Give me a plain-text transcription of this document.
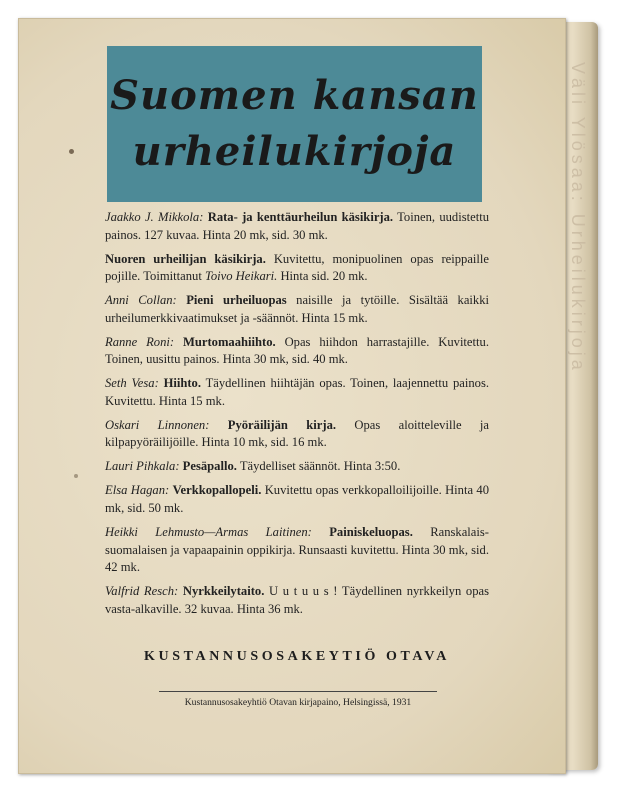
Väli Ylösaa: Urheilukirjoja
Suomen kansan
urheilukirjoja
Jaakko J. Mikkola: Rata- ja kenttäurheilun käsikirja. Toinen, uudistettu painos. 127 kuvaa. Hinta 20 mk, sid. 30 mk.
Nuoren urheilijan käsikirja. Kuvitettu, monipuolinen opas reippaille pojille. Toimittanut Toivo Heikari. Hinta sid. 20 mk.
Anni Collan: Pieni urheiluopas naisille ja tytöille. Sisältää kaikki urheilumerkkivaatimukset ja -säännöt. Hinta 15 mk.
Ranne Roni: Murtomaahiihto. Opas hiihdon harrastajille. Kuvitettu. Toinen, uusittu painos. Hinta 30 mk, sid. 40 mk.
Seth Vesa: Hiihto. Täydellinen hiihtäjän opas. Toinen, laajennettu painos. Kuvitettu. Hinta 15 mk.
Oskari Linnonen: Pyöräilijän kirja. Opas aloitteleville ja kilpapyöräilijöille. Hinta 10 mk, sid. 16 mk.
Lauri Pihkala: Pesäpallo. Täydelliset säännöt. Hinta 3:50.
Elsa Hagan: Verkkopallopeli. Kuvitettu opas verkkopalloilijoille. Hinta 40 mk, sid. 50 mk.
Heikki Lehmusto—Armas Laitinen: Painiskeluopas. Ranskalais-suomalaisen ja vapaapainin oppikirja. Runsaasti kuvitettu. Hinta 30 mk, sid. 42 mk.
Valfrid Resch: Nyrkkeilytaito. U u t u u s ! Täydellinen nyrkkeilyn opas vasta-alkaville. 32 kuvaa. Hinta 36 mk.
KUSTANNUSOSAKEYTIÖ OTAVA
Kustannusosakeyhtiö Otavan kirjapaino, Helsingissä, 1931
